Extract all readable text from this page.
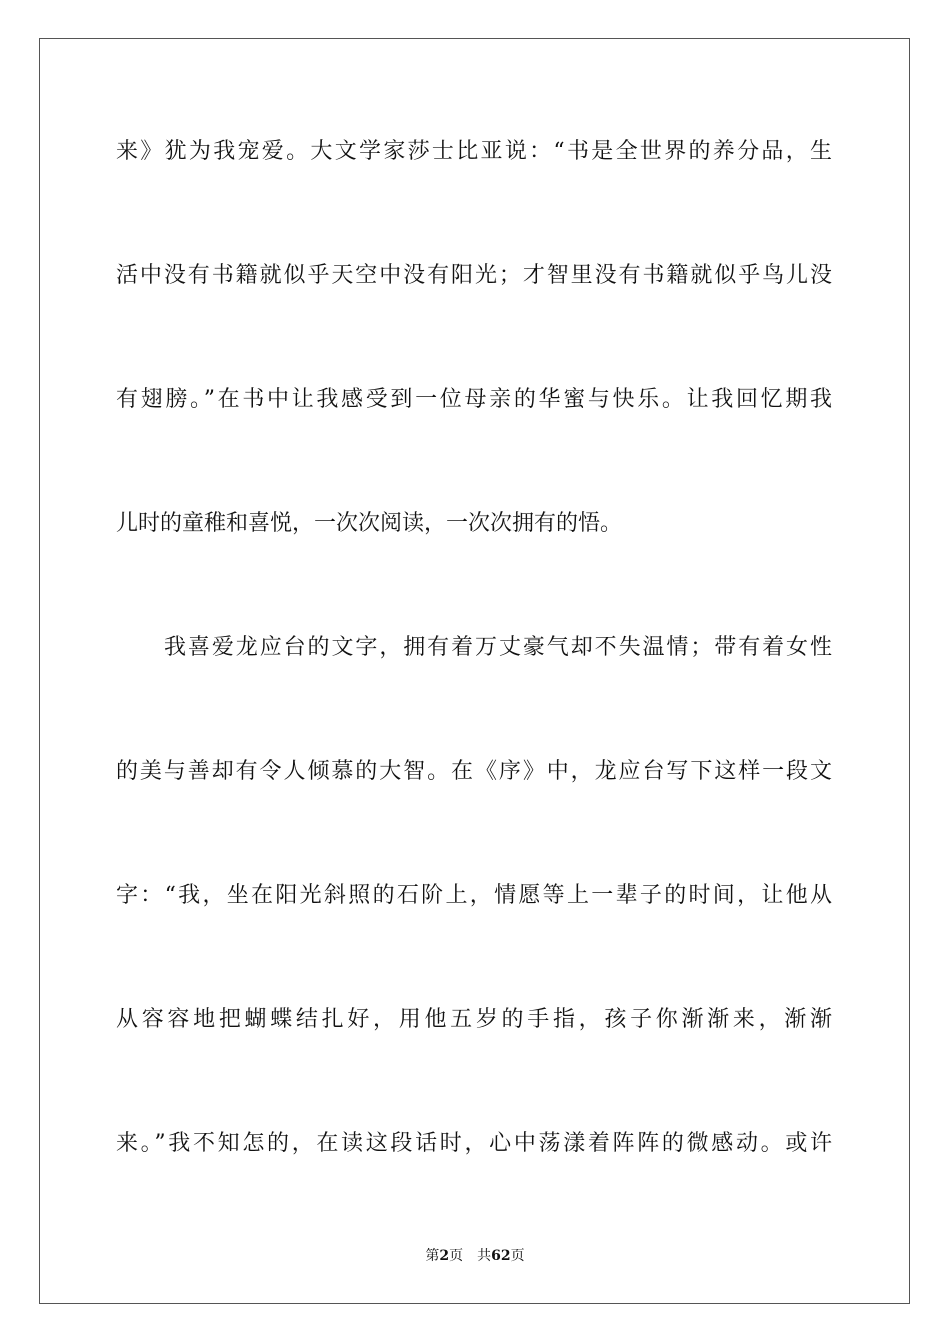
来》犹为我宠爱。大文学家莎士比亚说：“书是全世界的养分品，生
活中没有书籍就似乎天空中没有阳光；才智里没有书籍就似乎鸟儿没
有翅膀。”在书中让我感受到一位母亲的华蜜与快乐。让我回忆期我
儿时的童稚和喜悦，一次次阅读，一次次拥有的悟。
我喜爱龙应台的文字，拥有着万丈豪气却不失温情；带有着女性
的美与善却有令人倾慕的大智。在《序》中，龙应台写下这样一段文
字：“我，坐在阳光斜照的石阶上，情愿等上一辈子的时间，让他从
从容容地把蝴蝶结扎好，用他五岁的手指，孩子你渐渐来，渐渐
来。”我不知怎的，在读这段话时，心中荡漾着阵阵的微感动。或许
第2页 共62页
